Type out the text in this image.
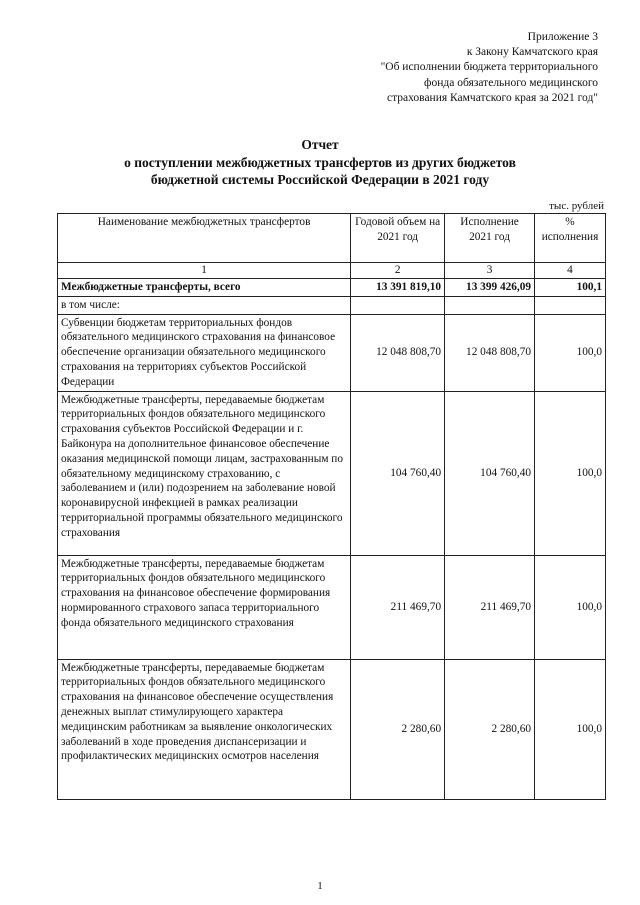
Приложение 3
к Закону Камчатского края
"Об исполнении бюджета территориального
фонда обязательного медицинского
страхования Камчатского края за 2021 год"
Отчет
о поступлении межбюджетных трансфертов из других бюджетов
бюджетной системы Российской Федерации в 2021 году
тыс. рублей
Наименование межбюджетных трансфертов	Годовой объем на 2021 год	Исполнение 2021 год	% исполнения
1	2	3	4
Межбюджетные трансферты, всего	13 391 819,10	13 399 426,09	100,1
в том числе:			
Субвенции бюджетам территориальных фондов обязательного медицинского страхования на финансовое обеспечение организации обязательного медицинского страхования на территориях субъектов Российской Федерации	12 048 808,70	12 048 808,70	100,0
Межбюджетные трансферты, передаваемые бюджетам территориальных фондов обязательного медицинского страхования субъектов Российской Федерации и г. Байконура на дополнительное финансовое обеспечение оказания медицинской помощи лицам, застрахованным по обязательному медицинскому страхованию, с заболеванием и (или) подозрением на заболевание новой коронавирусной инфекцией в рамках реализации территориальной программы обязательного медицинского страхования	104 760,40	104 760,40	100,0
Межбюджетные трансферты, передаваемые бюджетам территориальных фондов обязательного медицинского страхования на финансовое обеспечение формирования нормированного страхового запаса территориального фонда обязательного медицинского страхования	211 469,70	211 469,70	100,0
Межбюджетные трансферты, передаваемые бюджетам территориальных фондов обязательного медицинского страхования на финансовое обеспечение осуществления денежных выплат стимулирующего характера медицинским работникам за выявление онкологических заболеваний в ходе проведения диспансеризации и профилактических медицинских осмотров населения	2 280,60	2 280,60	100,0
1
